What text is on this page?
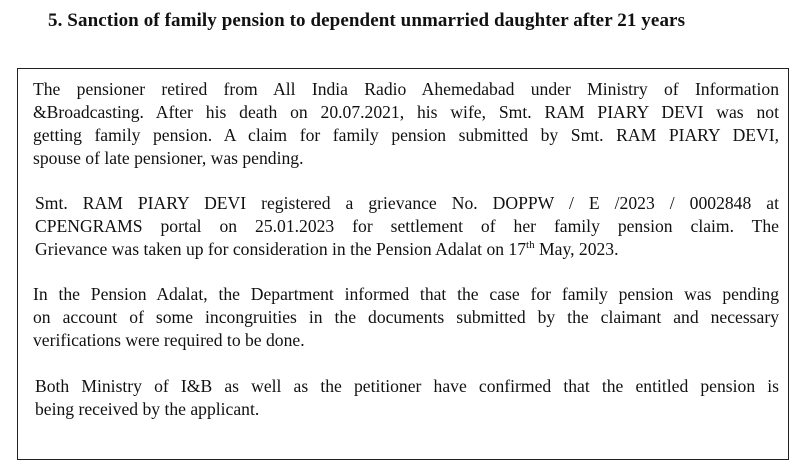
5. Sanction of family pension to dependent unmarried daughter after 21 years
The pensioner retired from All India Radio Ahemedabad under Ministry of Information
&Broadcasting. After his death on 20.07.2021, his wife, Smt. RAM PIARY DEVI was not
getting family pension. A claim for family pension submitted by Smt. RAM PIARY DEVI,
spouse of late pensioner, was pending.
Smt. RAM PIARY DEVI registered a grievance No. DOPPW / E /2023 / 0002848 at
CPENGRAMS portal on 25.01.2023 for settlement of her family pension claim. The
Grievance was taken up for consideration in the Pension Adalat on 17th May, 2023.
In the Pension Adalat, the Department informed that the case for family pension was pending
on account of some incongruities in the documents submitted by the claimant and necessary
verifications were required to be done.
Both Ministry of I&B as well as the petitioner have confirmed that the entitled pension is
being received by the applicant.
